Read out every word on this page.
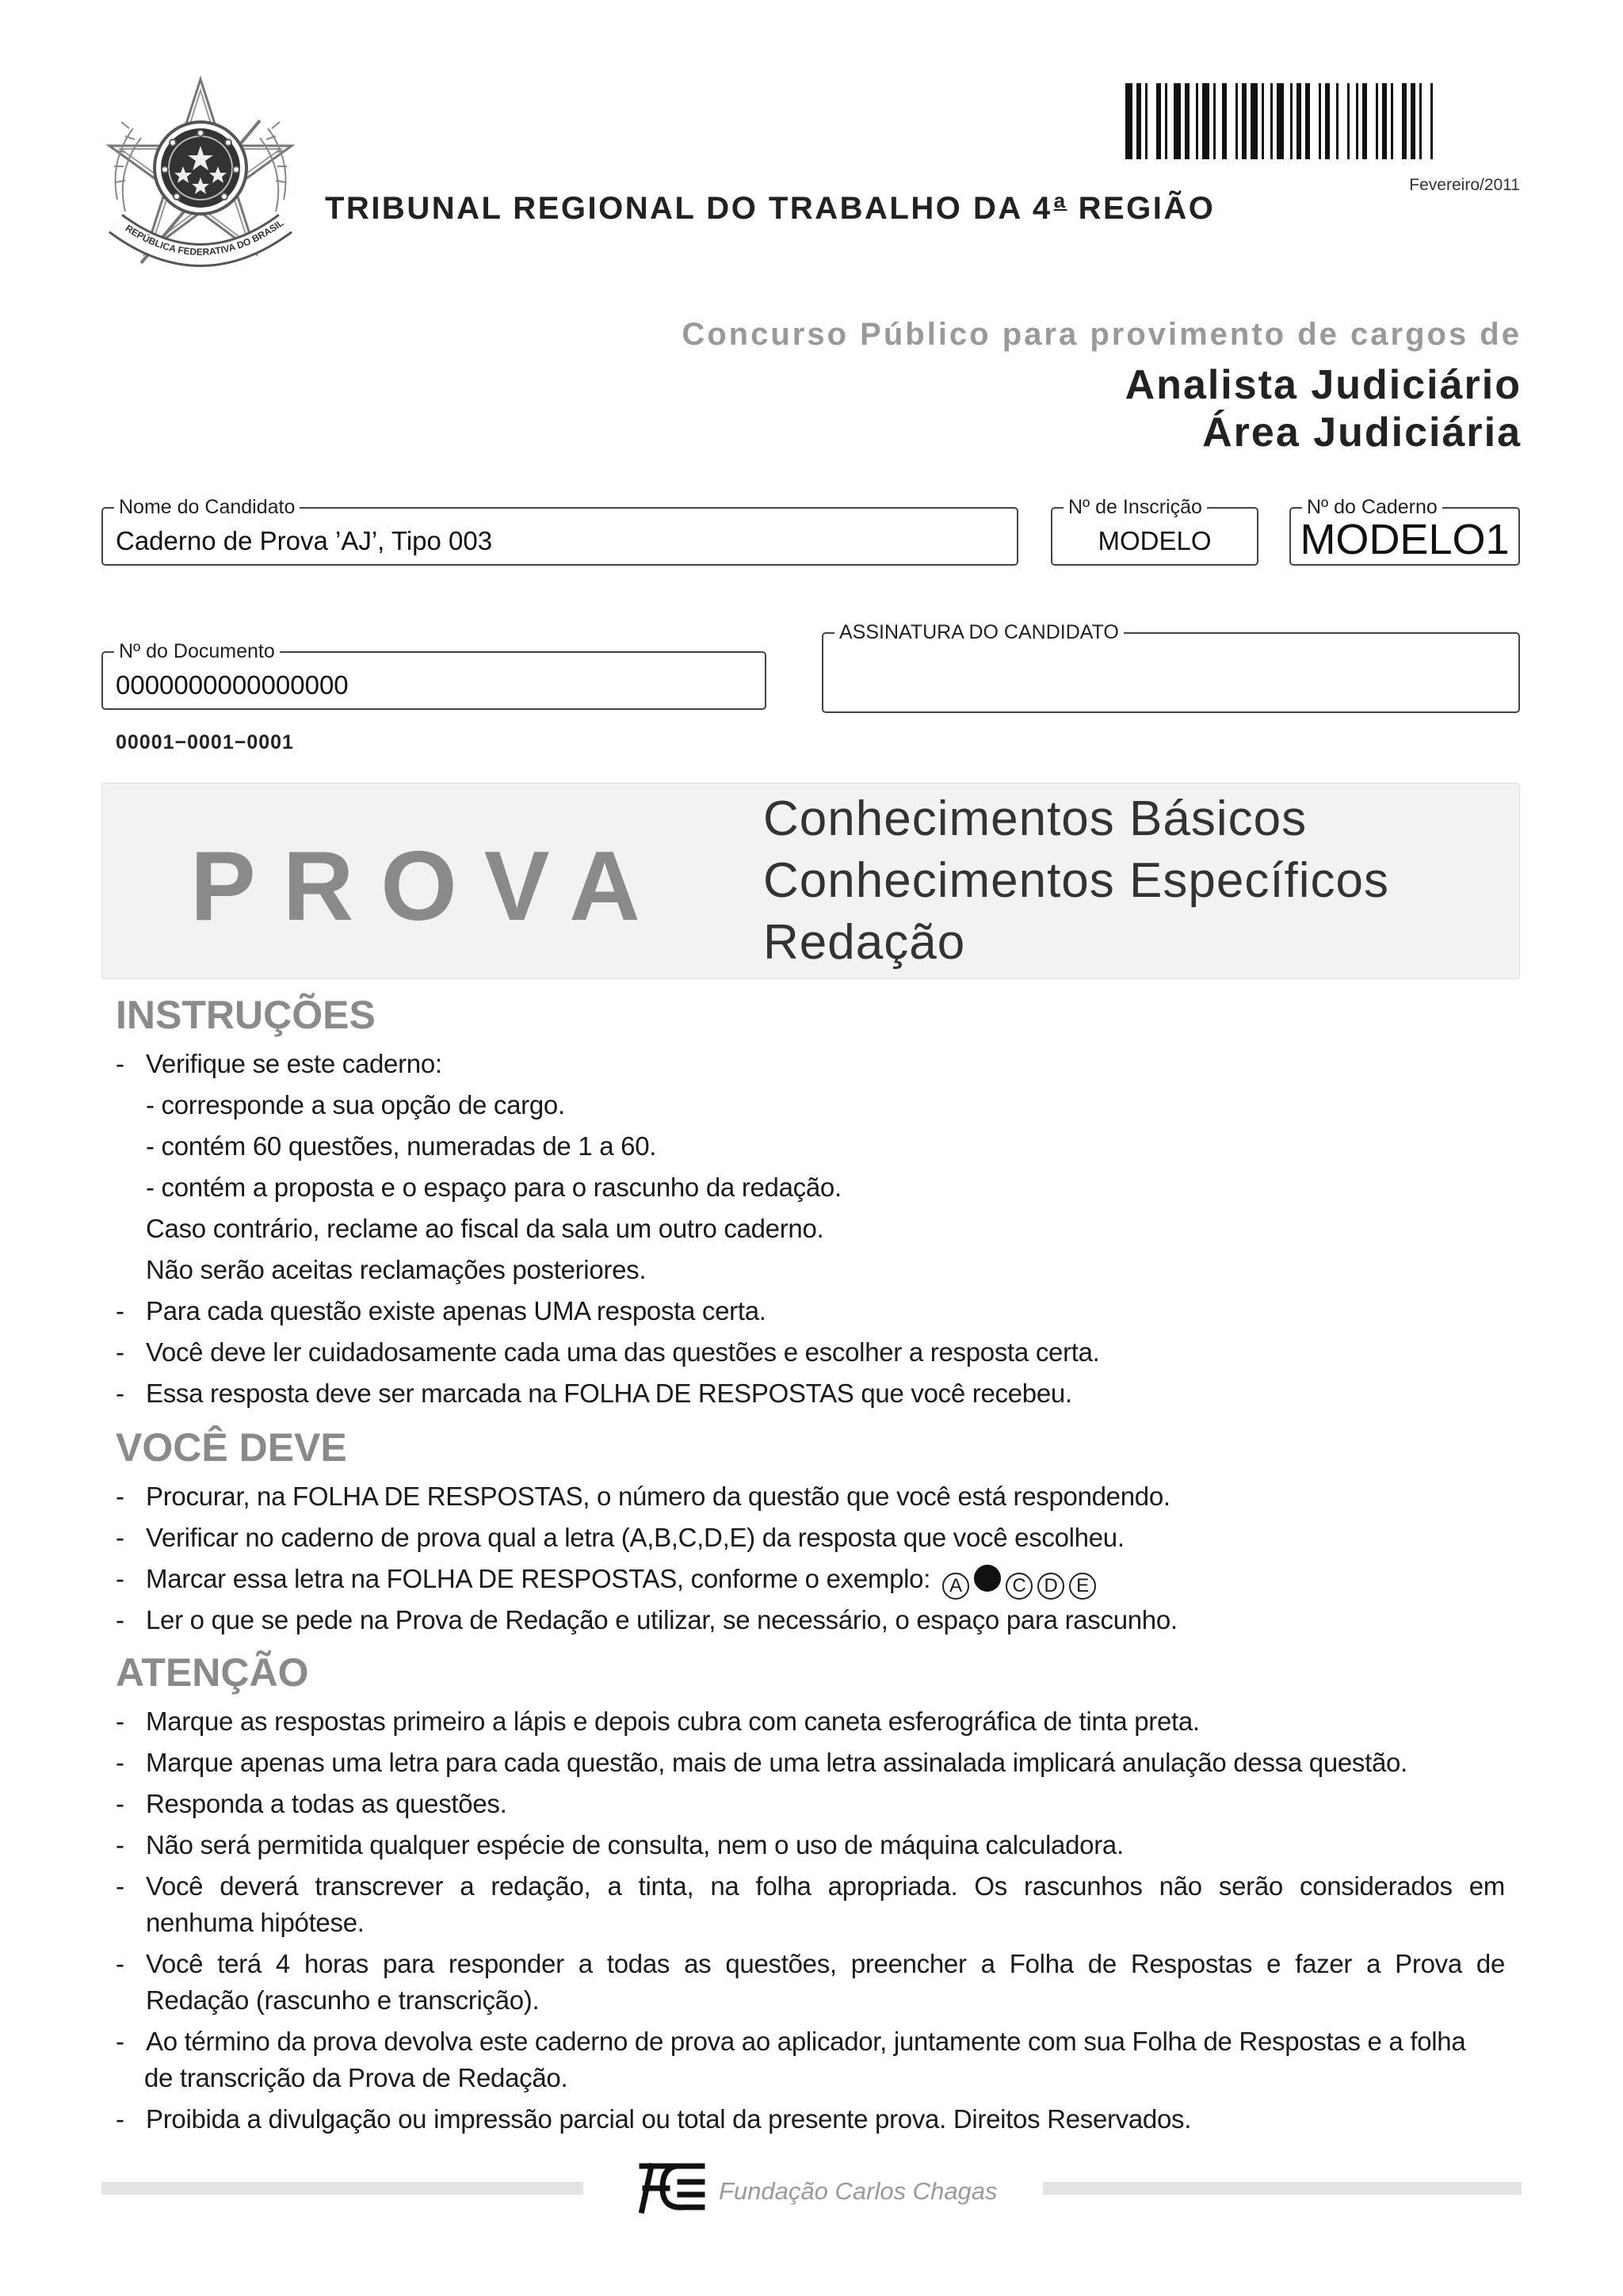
REPÚBLICA FEDERATIVA DO BRASIL
Fevereiro/2011
TRIBUNAL REGIONAL DO TRABALHO DA 4$^a$ REGIÃO
Concurso Público para provimento de cargos de
Analista Judiciário
Área Judiciária
Nome do Candidato
Caderno de Prova ’AJ’, Tipo 003
Nº de Inscrição
MODELO
Nº do Caderno
MODELO1
Nº do Documento
0000000000000000
ASSINATURA DO CANDIDATO
00001−0001−0001
PROVA
Conhecimentos Básicos
Conhecimentos Específicos
Redação
INSTRUÇÕES
- Verifique se este caderno:
- corresponde a sua opção de cargo.
- contém 60 questões, numeradas de 1 a 60.
- contém a proposta e o espaço para o rascunho da redação.
Caso contrário, reclame ao fiscal da sala um outro caderno.
Não serão aceitas reclamações posteriores.
- Para cada questão existe apenas UMA resposta certa.
- Você deve ler cuidadosamente cada uma das questões e escolher a resposta certa.
- Essa resposta deve ser marcada na FOLHA DE RESPOSTAS que você recebeu.
VOCÊ DEVE
- Procurar, na FOLHA DE RESPOSTAS, o número da questão que você está respondendo.
- Verificar no caderno de prova qual a letra (A,B,C,D,E) da resposta que você escolheu.
- Marcar essa letra na FOLHA DE RESPOSTAS, conforme o exemplo: A	C D E
- Ler o que se pede na Prova de Redação e utilizar, se necessário, o espaço para rascunho.
ATENÇÃO
- Marque as respostas primeiro a lápis e depois cubra com caneta esferográfica de tinta preta.
- Marque apenas uma letra para cada questão, mais de uma letra assinalada implicará anulação dessa questão.
- Responda a todas as questões.
- Não será permitida qualquer espécie de consulta, nem o uso de máquina calculadora.
- Você deverá transcrever a redação, a tinta, na folha apropriada. Os rascunhos não serão considerados em
nenhuma hipótese.
- Você terá 4 horas para responder a todas as questões, preencher a Folha de Respostas e fazer a Prova de
Redação (rascunho e transcrição).
- Ao término da prova devolva este caderno de prova ao aplicador, juntamente com sua Folha de Respostas e a folha
de transcrição da Prova de Redação.
- Proibida a divulgação ou impressão parcial ou total da presente prova. Direitos Reservados.
Fundação Carlos Chagas
